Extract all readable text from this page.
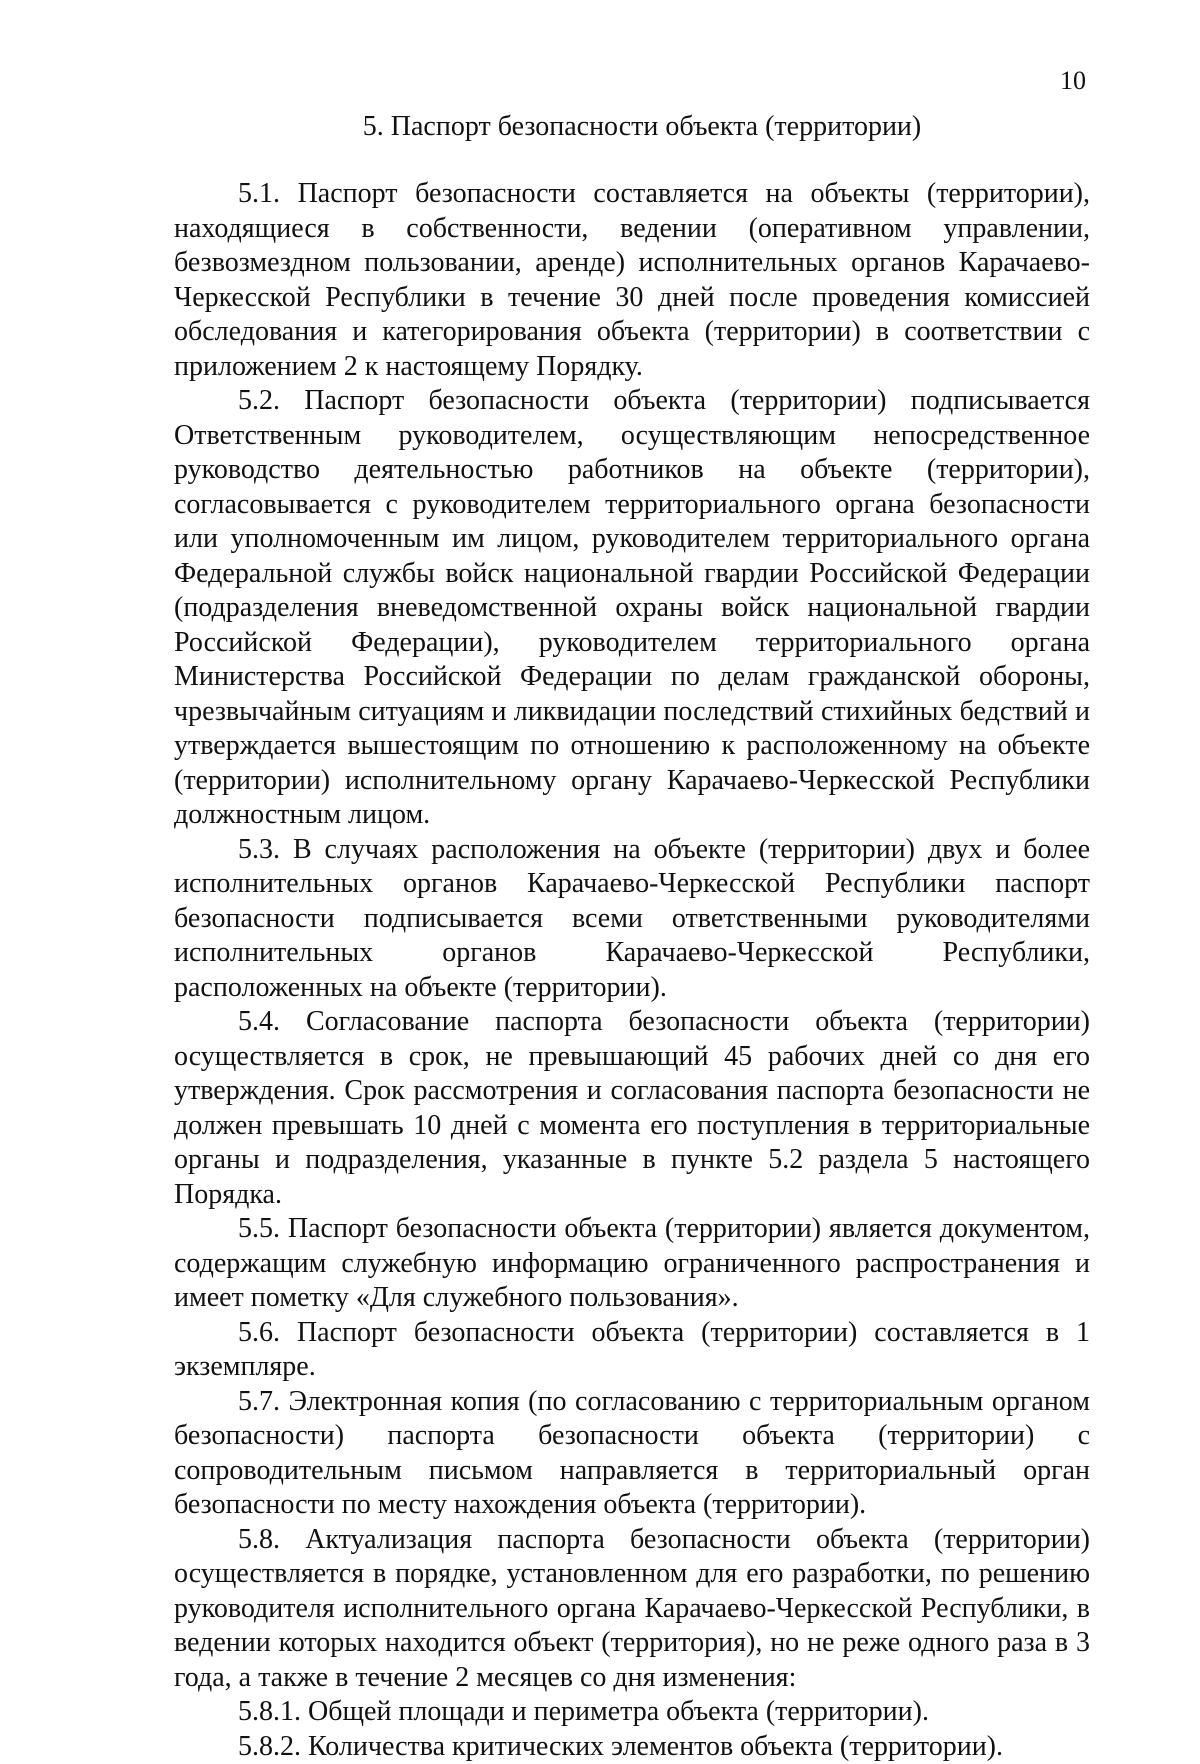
10
5. Паспорт безопасности объекта (территории)

5.1. Паспорт безопасности составляется на объекты (территории), находящиеся в собственности, ведении (оперативном управлении, безвозмездном пользовании, аренде) исполнительных органов Карачаево-Черкесской Республики в течение 30 дней после проведения комиссией обследования и категорирования объекта (территории) в соответствии с приложением 2 к настоящему Порядку.

5.2. Паспорт безопасности объекта (территории) подписывается Ответственным руководителем, осуществляющим непосредственное руководство деятельностью работников на объекте (территории), согласовывается с руководителем территориального органа безопасности или уполномоченным им лицом, руководителем территориального органа Федеральной службы войск национальной гвардии Российской Федерации (подразделения вневедомственной охраны войск национальной гвардии Российской Федерации), руководителем территориального органа Министерства Российской Федерации по делам гражданской обороны, чрезвычайным ситуациям и ликвидации последствий стихийных бедствий и утверждается вышестоящим по отношению к расположенному на объекте (территории) исполнительному органу Карачаево-Черкесской Республики должностным лицом.

5.3. В случаях расположения на объекте (территории) двух и более исполнительных органов Карачаево-Черкесской Республики паспорт безопасности подписывается всеми ответственными руководителями исполнительных органов Карачаево-Черкесской Республики, расположенных на объекте (территории).

5.4. Согласование паспорта безопасности объекта (территории) осуществляется в срок, не превышающий 45 рабочих дней со дня его утверждения. Срок рассмотрения и согласования паспорта безопасности не должен превышать 10 дней с момента его поступления в территориальные органы и подразделения, указанные в пункте 5.2 раздела 5 настоящего Порядка.

5.5. Паспорт безопасности объекта (территории) является документом, содержащим служебную информацию ограниченного распространения и имеет пометку «Для служебного пользования».

5.6. Паспорт безопасности объекта (территории) составляется в 1 экземпляре.

5.7. Электронная копия (по согласованию с территориальным органом безопасности) паспорта безопасности объекта (территории) с сопроводительным письмом направляется в территориальный орган безопасности по месту нахождения объекта (территории).

5.8. Актуализация паспорта безопасности объекта (территории) осуществляется в порядке, установленном для его разработки, по решению руководителя исполнительного органа Карачаево-Черкесской Республики, в ведении которых находится объект (территория), но не реже одного раза в 3 года, а также в течение 2 месяцев со дня изменения:

5.8.1. Общей площади и периметра объекта (территории).

5.8.2. Количества критических элементов объекта (территории).
